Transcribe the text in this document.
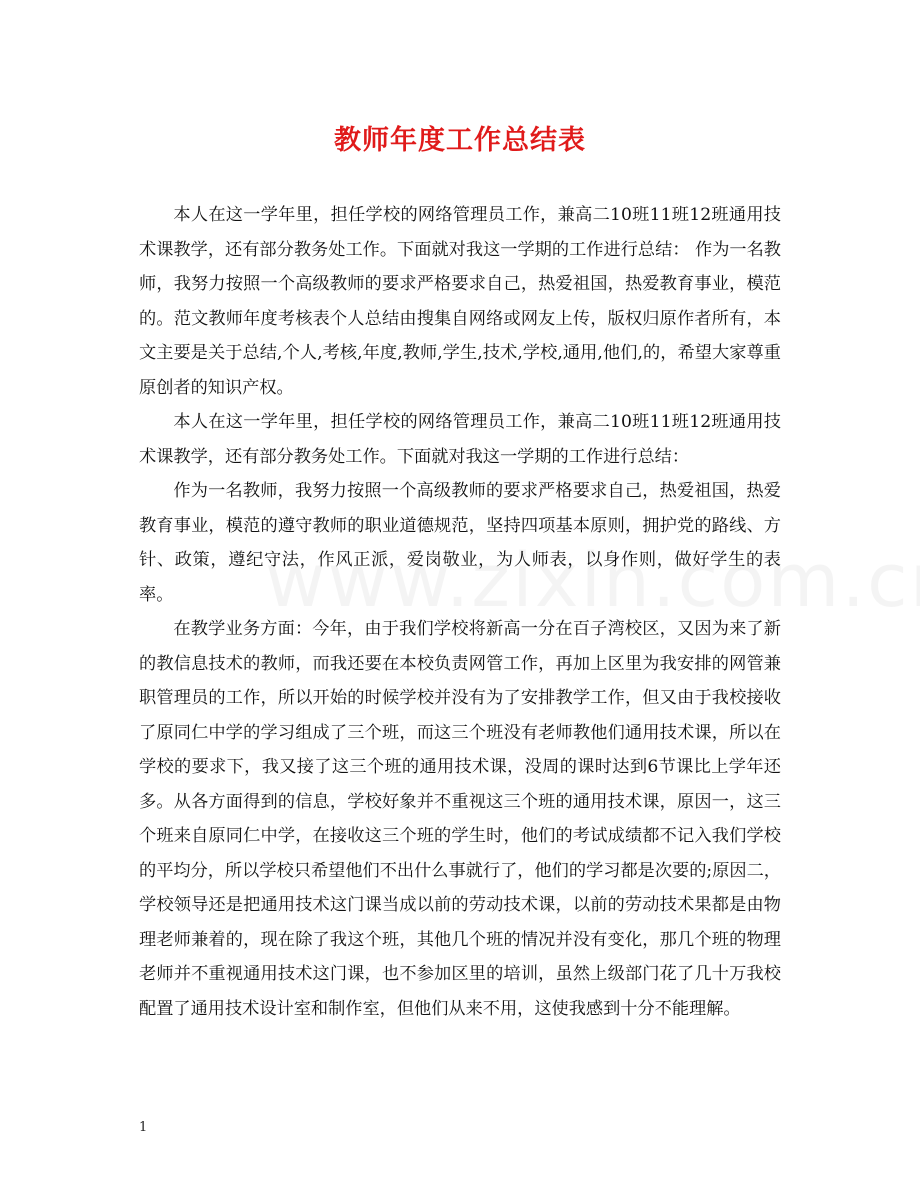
教师年度工作总结表

本人在这一学年里，担任学校的网络管理员工作，兼高二10班11班12班通用技术课教学，还有部分教务处工作。下面就对我这一学期的工作进行总结： 作为一名教师，我努力按照一个高级教师的要求严格要求自己，热爱祖国，热爱教育事业，模范的。范文教师年度考核表个人总结由搜集自网络或网友上传，版权归原作者所有，本文主要是关于总结,个人,考核,年度,教师,学生,技术,学校,通用,他们,的，希望大家尊重原创者的知识产权。

本人在这一学年里，担任学校的网络管理员工作，兼高二10班11班12班通用技术课教学，还有部分教务处工作。下面就对我这一学期的工作进行总结：

作为一名教师，我努力按照一个高级教师的要求严格要求自己，热爱祖国，热爱教育事业，模范的遵守教师的职业道德规范，坚持四项基本原则，拥护党的路线、方针、政策，遵纪守法，作风正派，爱岗敬业，为人师表，以身作则，做好学生的表率。

在教学业务方面：今年，由于我们学校将新高一分在百子湾校区，又因为来了新的教信息技术的教师，而我还要在本校负责网管工作，再加上区里为我安排的网管兼职管理员的工作，所以开始的时候学校并没有为了安排教学工作，但又由于我校接收了原同仁中学的学习组成了三个班，而这三个班没有老师教他们通用技术课，所以在学校的要求下，我又接了这三个班的通用技术课，没周的课时达到6节课比上学年还多。从各方面得到的信息，学校好象并不重视这三个班的通用技术课，原因一，这三个班来自原同仁中学，在接收这三个班的学生时，他们的考试成绩都不记入我们学校的平均分，所以学校只希望他们不出什么事就行了，他们的学习都是次要的;原因二，学校领导还是把通用技术这门课当成以前的劳动技术课，以前的劳动技术果都是由物理老师兼着的，现在除了我这个班，其他几个班的情况并没有变化，那几个班的物理老师并不重视通用技术这门课，也不参加区里的培训，虽然上级部门花了几十万我校配置了通用技术设计室和制作室，但他们从来不用，这使我感到十分不能理解。

1
